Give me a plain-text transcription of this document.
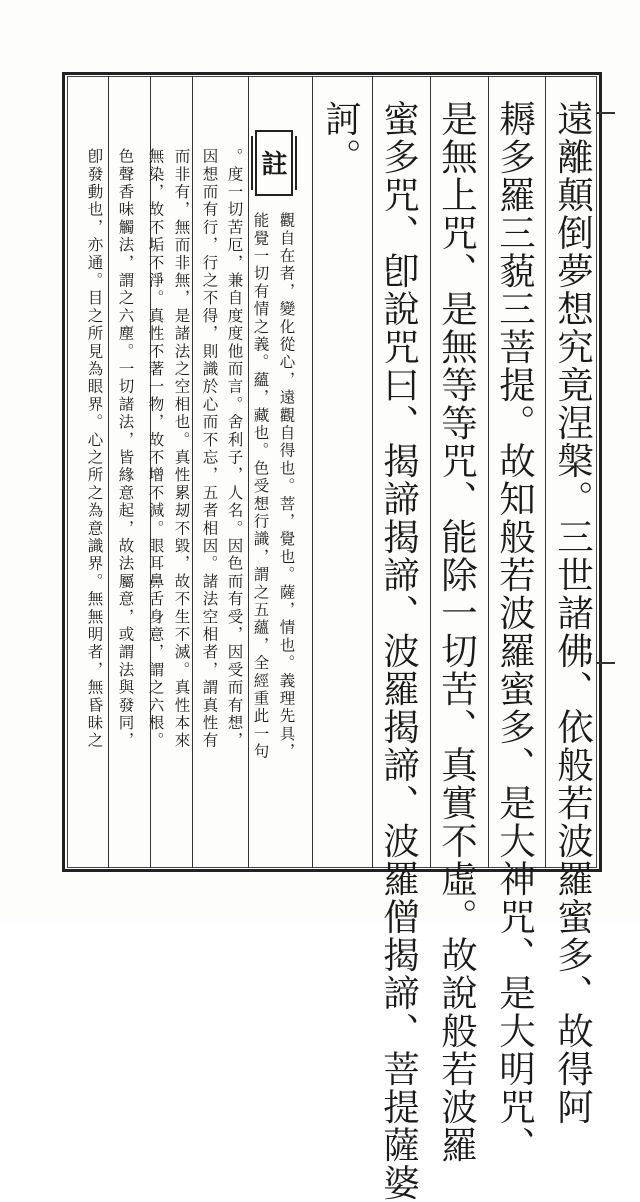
遠離顛倒夢想究竟涅槃。三世諸佛、依般若波羅蜜多、故得阿
耨多羅三藐三菩提。故知般若波羅蜜多、是大神咒、是大明咒、
是無上咒、是無等等咒、能除一切苦、真實不虛。故說般若波羅
蜜多咒、卽說咒曰、揭諦揭諦、波羅揭諦、波羅僧揭諦、菩提薩婆
訶。
註
觀自在者，變化從心，遠觀自得也。菩，覺也。薩，情也。義理先具，
能覺一切有情之義。蘊，藏也。色受想行識，謂之五蘊，全經重此一句
。度一切苦厄，兼自度度他而言。舍利子，人名。因色而有受，因受而有想，
因想而有行，行之不得，則識於心而不忘，五者相因。諸法空相者，謂真性有
而非有，無而非無，是諸法之空相也。真性累刼不毀，故不生不滅。真性本來
無染，故不垢不淨。真性不著一物，故不增不減。眼耳鼻舌身意，謂之六根。
色聲香味觸法，謂之六塵。一切諸法，皆緣意起，故法屬意，或謂法與發同，
卽發動也，亦通。目之所見為眼界。心之所之為意識界。無無明者，無昏昧之
